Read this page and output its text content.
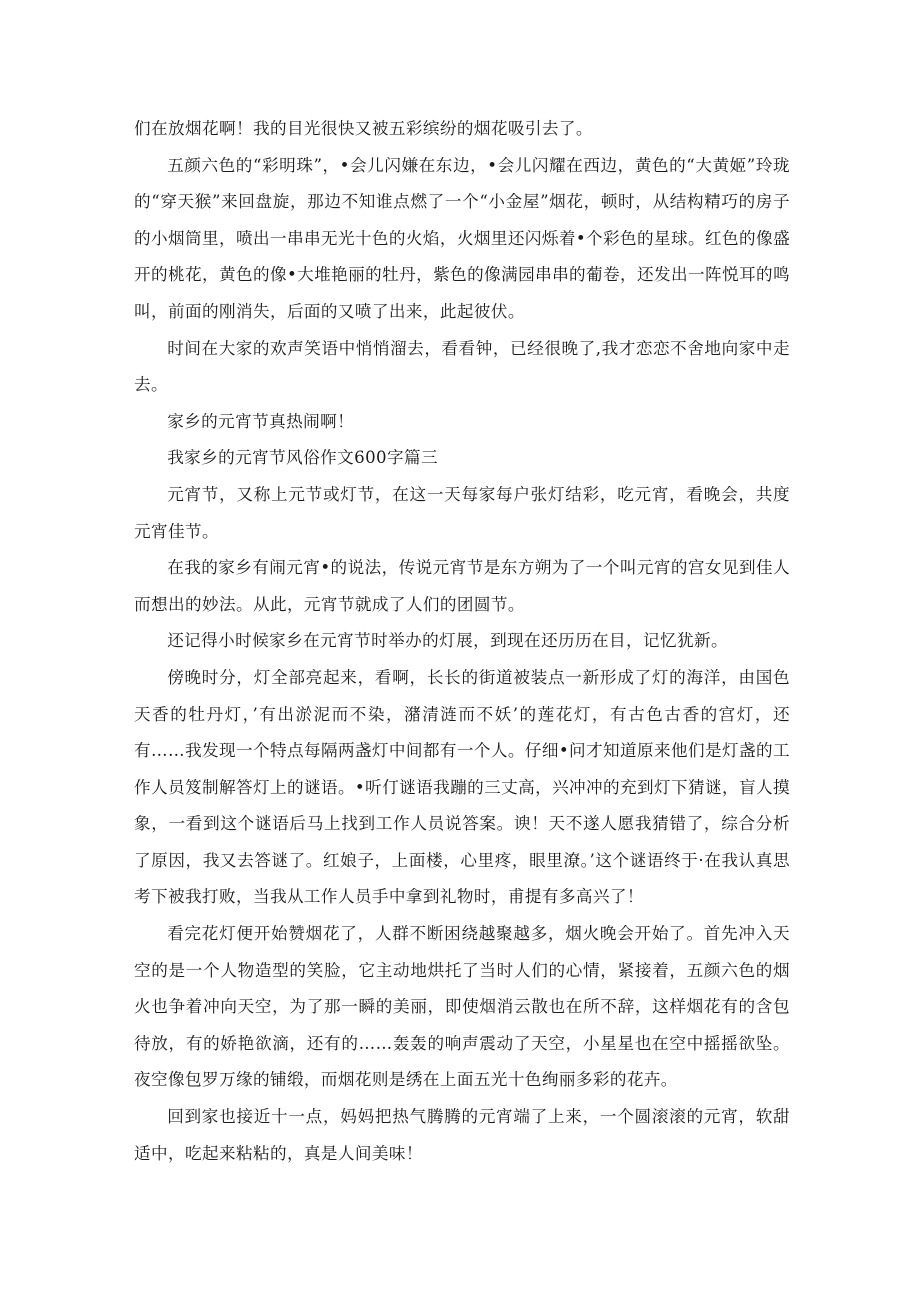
们在放烟花啊！我的目光很快又被五彩缤纷的烟花吸引去了。

五颜六色的“彩明珠”，•会儿闪嫌在东边，•会儿闪耀在西边，黄色的“大黄姬”玲珑的“穿天猴”来回盘旋，那边不知谁点燃了一个“小金屋”烟花，顿时，从结构精巧的房子的小烟筒里，喷出一串串无光十色的火焰，火烟里还闪烁着•个彩色的星球。红色的像盛开的桃花，黄色的像•大堆艳丽的牡丹，紫色的像满园串串的葡卷，还发出一阵悦耳的鸣叫，前面的刚消失，后面的又喷了出来，此起彼伏。

时间在大家的欢声笑语中悄悄溜去，看看钟，已经很晚了,我才恋恋不舍地向家中走去。

家乡的元宵节真热闹啊！

我家乡的元宵节风俗作文600字篇三

元宵节，又称上元节或灯节，在这一天每家每户张灯结彩，吃元宵，看晚会，共度元宵佳节。

在我的家乡有闹元宵•的说法，传说元宵节是东方朔为了一个叫元宵的宫女见到佳人而想出的妙法。从此，元宵节就成了人们的团圆节。

还记得小时候家乡在元宵节时举办的灯展，到现在还历历在目，记忆犹新。

傍晚时分，灯全部亮起来，看啊，长长的街道被装点一新形成了灯的海洋，由国色天香的牡丹灯，’有出淤泥而不染，潴清涟而不妖’的莲花灯，有古色古香的宫灯，还有……我发现一个特点每隔两盏灯中间都有一个人。仔细•问才知道原来他们是灯盏的工作人员笈制解答灯上的谜语。•听仃谜语我蹦的三丈高，兴冲冲的充到灯下猜谜，盲人摸象，一看到这个谜语后马上找到工作人员说答案。谀！天不遂人愿我猜错了，综合分析了原因，我又去答谜了。红娘子，上面楼，心里疼，眼里潦。’这个谜语终于·在我认真思考下被我打败，当我从工作人员手中拿到礼物时，甫提有多高兴了！

看完花灯便开始赞烟花了，人群不断困绕越聚越多，烟火晚会开始了。首先冲入天空的是一个人物造型的笑脸，它主动地烘托了当时人们的心情，紧接着，五颜六色的烟火也争着冲向天空，为了那一瞬的美丽，即使烟消云散也在所不辞，这样烟花有的含包待放，有的娇艳欲滴，还有的……轰轰的响声震动了天空，小星星也在空中摇摇欲坠。夜空像包罗万缘的铺缎，而烟花则是绣在上面五光十色绚丽多彩的花卉。

回到家也接近十一点，妈妈把热气腾腾的元宵端了上来，一个圆滚滚的元宵，软甜适中，吃起来粘粘的，真是人间美味！
